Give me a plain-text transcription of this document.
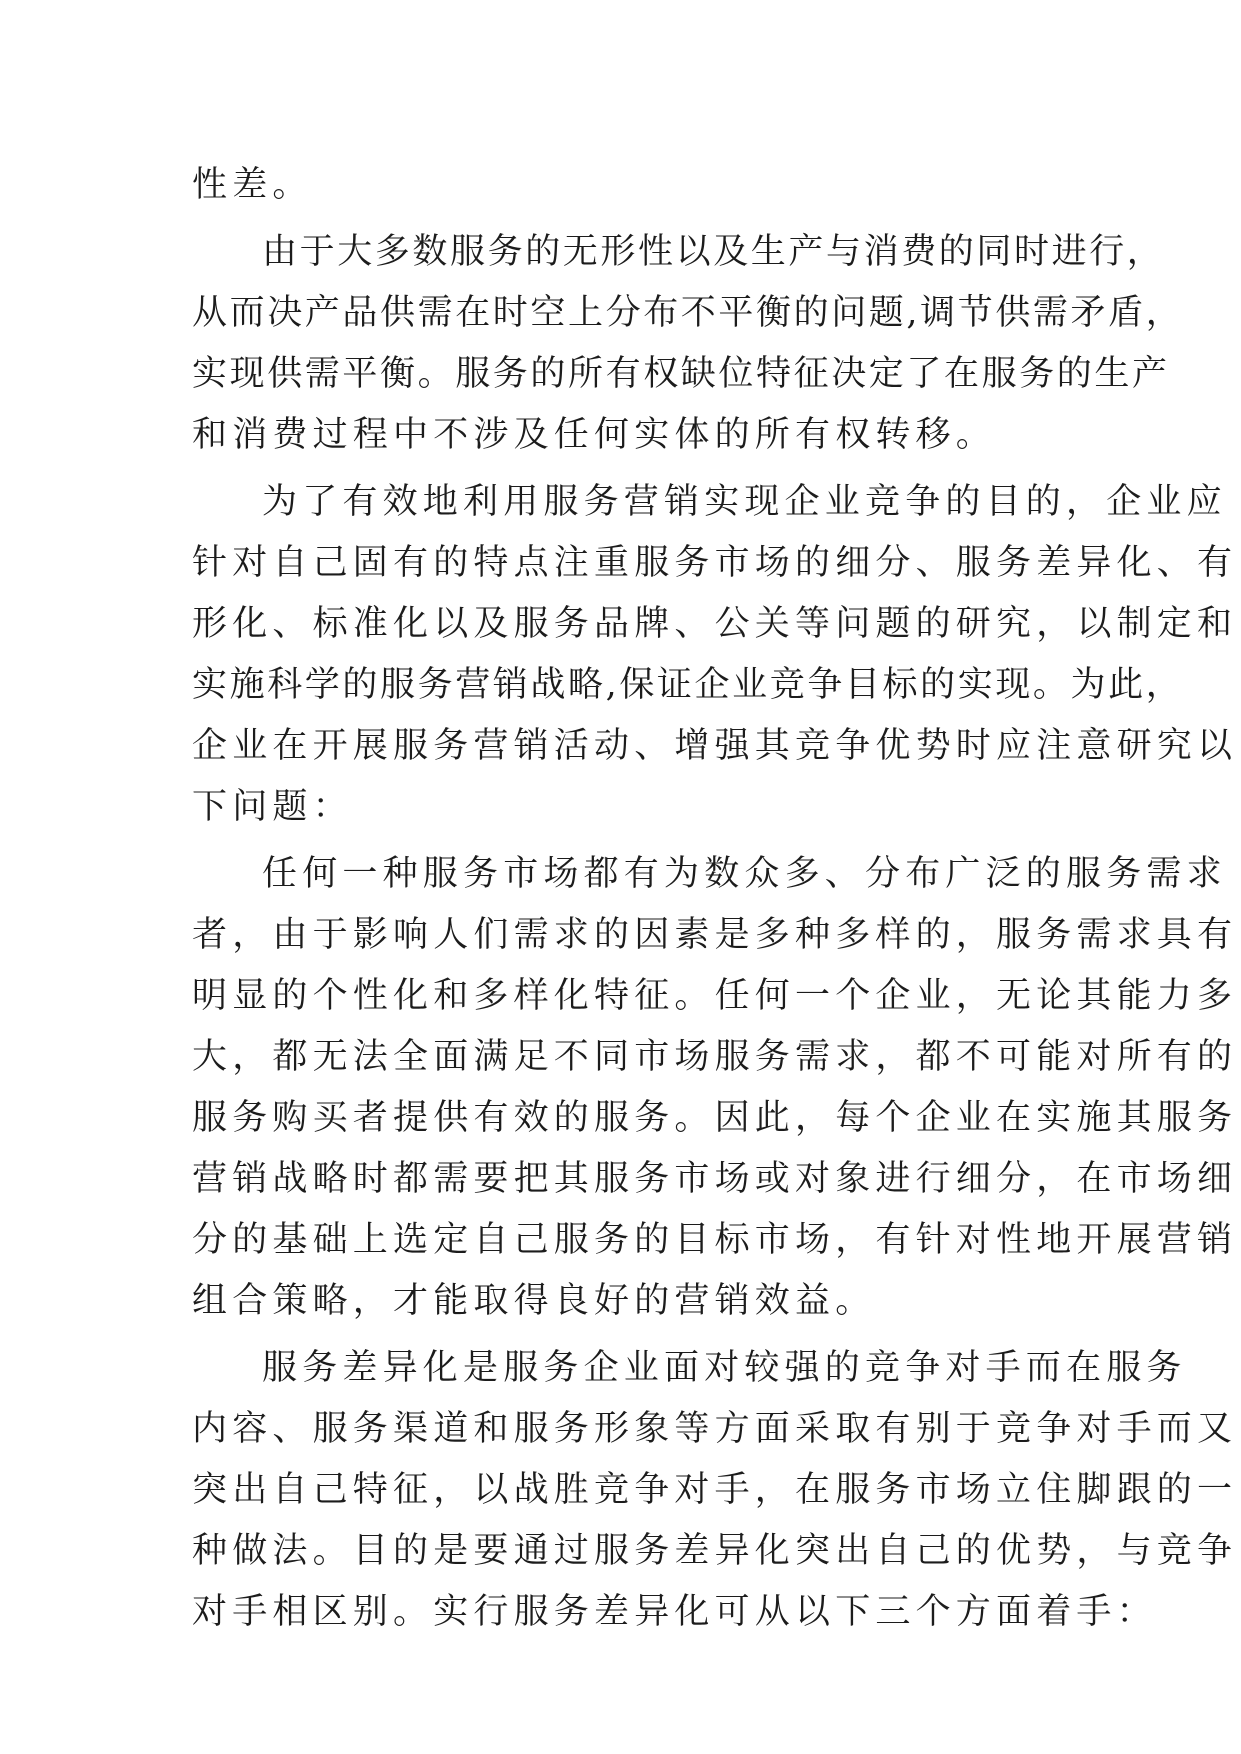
性差。
由于大多数服务的无形性以及生产与消费的同时进行，
从而决产品供需在时空上分布不平衡的问题,调节供需矛盾，
实现供需平衡。服务的所有权缺位特征决定了在服务的生产
和消费过程中不涉及任何实体的所有权转移。
为了有效地利用服务营销实现企业竞争的目的，企业应
针对自己固有的特点注重服务市场的细分、服务差异化、有
形化、标准化以及服务品牌、公关等问题的研究，以制定和
实施科学的服务营销战略,保证企业竞争目标的实现。为此，
企业在开展服务营销活动、增强其竞争优势时应注意研究以
下问题：
任何一种服务市场都有为数众多、分布广泛的服务需求
者，由于影响人们需求的因素是多种多样的，服务需求具有
明显的个性化和多样化特征。任何一个企业，无论其能力多
大，都无法全面满足不同市场服务需求，都不可能对所有的
服务购买者提供有效的服务。因此，每个企业在实施其服务
营销战略时都需要把其服务市场或对象进行细分，在市场细
分的基础上选定自己服务的目标市场，有针对性地开展营销
组合策略，才能取得良好的营销效益。
服务差异化是服务企业面对较强的竞争对手而在服务
内容、服务渠道和服务形象等方面采取有别于竞争对手而又
突出自己特征，以战胜竞争对手，在服务市场立住脚跟的一
种做法。目的是要通过服务差异化突出自己的优势，与竞争
对手相区别。实行服务差异化可从以下三个方面着手：
